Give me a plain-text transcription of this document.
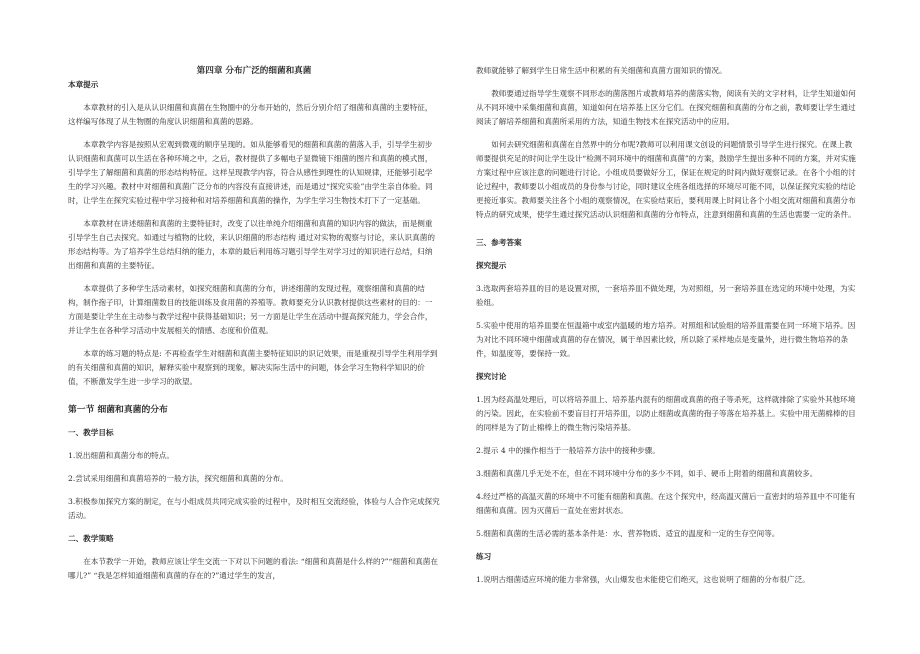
第四章 分布广泛的细菌和真菌

本章提示

本章教材的引入是从认识细菌和真菌在生物圈中的分布开始的，然后分别介绍了细菌和真菌的主要特征，这样编写体现了从生物圈的角度认识细菌和真菌的思路。

本章教学内容是按照从宏观到微观的顺序呈现的。如从能够看见的细菌和真菌的菌落入手，引导学生初步认识细菌和真菌可以生活在各种环境之中，之后，教材提供了多幅电子显微镜下细菌的图片和真菌的模式图，引导学生了解细菌和真菌的形态结构特征。这样呈现教学内容，符合从感性到理性的认知规律，还能够引起学生的学习兴趣。教材中对细菌和真菌广泛分布的内容没有直接讲述，而是通过“探究实验”由学生亲自体验。同时，让学生在探究实验过程中学习接种和对培养细菌和真菌的操作，为学生学习生物技术打下了一定基础。

本章教材在讲述细菌和真菌的主要特征时，改变了以往单纯介绍细菌和真菌的知识内容的做法，而是侧重引导学生自己去探究。如通过与植物的比较，来认识细菌的形态结构 通过对实物的观察与讨论，来认识真菌的形态结构等。为了培养学生总结归纳的能力，本章的最后利用练习题引导学生对学习过的知识进行总结，归纳出细菌和真菌的主要特征。

本章提供了多种学生活动素材，如探究细菌和真菌的分布，讲述细菌的发现过程，观察细菌和真菌的结构，制作孢子印，计算细菌数目的技能训练及食用菌的养殖等。教师要充分认识教材提供这些素材的目的：一方面是要让学生在主动参与教学过程中获得基础知识；另一方面是让学生在活动中提高探究能力，学会合作，并让学生在各种学习活动中发展相关的情感、态度和价值观。

本章的练习题的特点是: 不再检查学生对细菌和真菌主要特征知识的识记效果，而是重视引导学生利用学到的有关细菌和真菌的知识，解释实验中观察到的现象，解决实际生活中的问题，体会学习生物科学知识的价值，不断激发学生进一步学习的欲望。

第一节 细菌和真菌的分布

一、教学目标

1.说出细菌和真菌分布的特点。

2.尝试采用细菌和真菌培养的一般方法，探究细菌和真菌的分布。

3.积极参加探究方案的制定，在与小组成员共同完成实验的过程中，及时相互交流经验，体验与人合作完成探究活动。

二、教学策略

在本节教学一开始，教师应该让学生交流一下对以下问题的看法: “细菌和真菌是什么样的?”“细菌和真菌在哪儿?” “我是怎样知道细菌和真菌的存在的?”通过学生的发言，

教师就能够了解到学生日常生活中积累的有关细菌和真菌方面知识的情况。

教师要通过指导学生观察不同形态的菌落图片或教师培养的菌落实物，阅读有关的文字材料，让学生知道如何从不同环境中采集细菌和真菌，知道如何在培养基上区分它们。在探究细菌和真菌的分布之前，教师要让学生通过阅读了解培养细菌和真菌所采用的方法，知道生物技术在探究活动中的应用。

如何去研究细菌和真菌在自然界中的分布呢?教师可以利用课文创设的问题情景引导学生进行探究。在课上教师要提供充足的时间让学生设计“检测不同环境中的细菌和真菌”的方案，鼓励学生提出多种不同的方案，并对实施方案过程中应该注意的问题进行讨论。小组成员要做好分工，保证在规定的时间内做好观察记录。在各个小组的讨论过程中，教师要以小组成员的身份参与讨论，同时建议全班各组选择的环境尽可能不同，以保证探究实验的结论更接近事实。教师要关注各个小组的观察情况，在实验结束后，要利用课上时间让各个小组交流对细菌和真菌分布特点的研究成果，使学生通过探究活动认识细菌和真菌的分布特点，注意到细菌和真菌的生活也需要一定的条件。

三、参考答案

探究提示

3.选取两套培养皿的目的是设置对照，一套培养皿不做处理，为对照组，另一套培养皿在选定的环境中处理，为实验组。

5.实验中使用的培养皿要在恒温箱中或室内温暖的地方培养。对照组和试验组的培养皿需要在同一环境下培养。因为对比不同环境中细菌或真菌的存在情况，属于单因素比较，所以除了采样地点是变量外，进行微生物培养的条件，如温度等，要保持一致。

探究讨论

1.因为经高温处理后，可以将培养皿上、培养基内混有的细菌或真菌的孢子等杀死，这样就排除了实验外其他环境的污染。因此，在实验前不要盲目打开培养皿，以防止细菌或真菌的孢子等落在培养基上。实验中用无菌棉棒的目的同样是为了防止棉棒上的微生物污染培养基。

2.提示 4 中的操作相当于一般培养方法中的接种步骤。

3.细菌和真菌几乎无处不在，但在不同环境中分布的多少不同，如手、硬币上附着的细菌和真菌较多。

4.经过严格的高温灭菌的环境中不可能有细菌和真菌。在这个探究中，经高温灭菌后一直密封的培养皿中不可能有细菌和真菌。因为灭菌后一直处在密封状态。

5.细菌和真菌的生活必需的基本条件是：水、营养物质、适宜的温度和一定的生存空间等。

练习

1.说明古细菌适应环境的能力非常强，火山爆发也未能使它们绝灭，这也说明了细菌的分布很广泛。
